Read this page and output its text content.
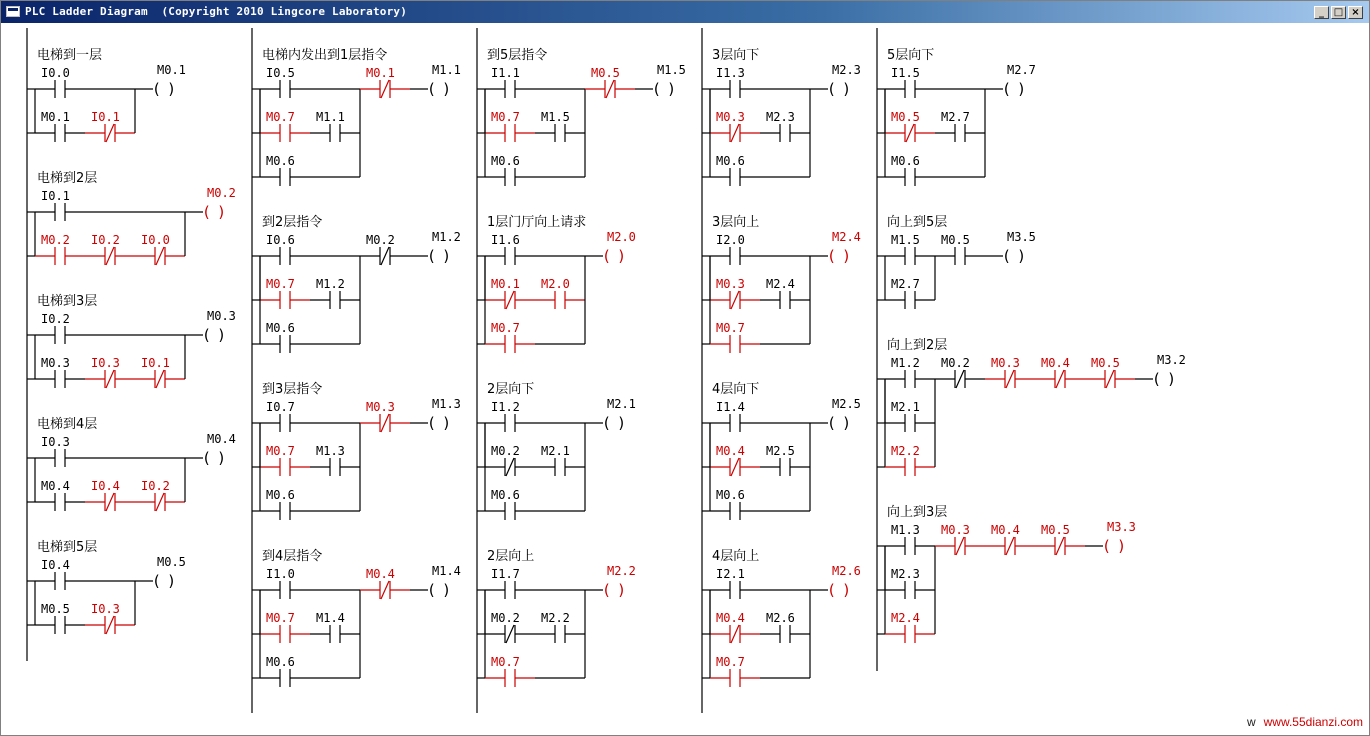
PLC Ladder Diagram  (Copyright 2010 Lingcore Laboratory)	_ □ ×
电梯到一层
I0.0
M0.1 I0.1
M0.1
( )
电梯到2层
I0.1
M0.2 I0.2 I0.0
M0.2
( )
电梯到3层
I0.2
M0.3 I0.3 I0.1
M0.3
( )
电梯到4层
I0.3
M0.4 I0.4 I0.2
M0.4
( )
电梯到5层
I0.4
M0.5 I0.3
M0.5
( )
电梯内发出到1层指令
I0.5
M0.7 M1.1
M0.6
M0.1	M1.1
( )
到2层指令
I0.6
M0.7 M1.2
M0.6
M0.2	M1.2
( )
到3层指令
I0.7
M0.7 M1.3
M0.6
M0.3	M1.3
( )
到4层指令
I1.0
M0.7 M1.4
M0.6
M0.4	M1.4
( )
到5层指令
I1.1
M0.7 M1.5
M0.6
M0.5	M1.5
( )
1层门厅向上请求
I1.6
M0.1 M2.0
M0.7
M2.0
( )
2层向下
I1.2
M0.2 M2.1
M0.6
M2.1
( )
2层向上
I1.7
M0.2 M2.2
M0.7
M2.2
( )
3层向下
I1.3
M0.3 M2.3
M0.6
M2.3
( )
3层向上
I2.0
M0.3 M2.4
M0.7
M2.4
( )
4层向下
I1.4
M0.4 M2.5
M0.6
M2.5
( )
4层向上
I2.1
M0.4 M2.6
M0.7
M2.6
( )
5层向下
I1.5
M0.5 M2.7
M0.6
M2.7
( )
向上到5层
M1.5
M2.7
M0.5	M3.5
( )
向上到2层
M1.2
M2.1
M2.2
M0.2 M0.3 M0.4 M0.5	M3.2
( )
向上到3层
M1.3
M2.3
M2.4
M0.3 M0.4 M0.5	M3.3
( )
w www.55dianzi.com
